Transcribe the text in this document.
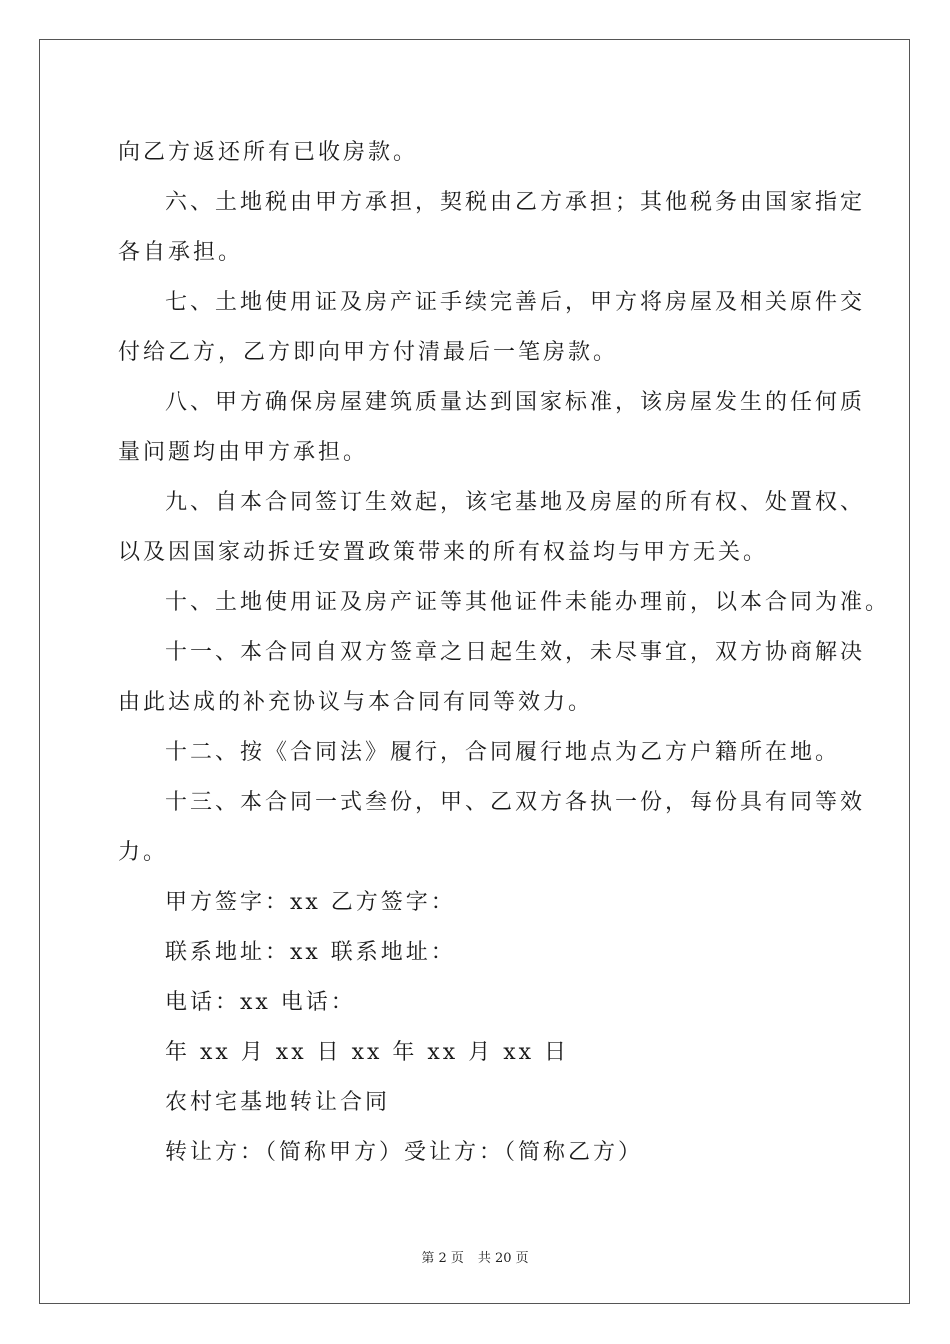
向乙方返还所有已收房款。

六、土地税由甲方承担，契税由乙方承担；其他税务由国家指定

各自承担。

七、土地使用证及房产证手续完善后，甲方将房屋及相关原件交

付给乙方，乙方即向甲方付清最后一笔房款。

八、甲方确保房屋建筑质量达到国家标准，该房屋发生的任何质

量问题均由甲方承担。

九、自本合同签订生效起，该宅基地及房屋的所有权、处置权、

以及因国家动拆迁安置政策带来的所有权益均与甲方无关。

十、土地使用证及房产证等其他证件未能办理前，以本合同为准。

十一、本合同自双方签章之日起生效，未尽事宜，双方协商解决

由此达成的补充协议与本合同有同等效力。

十二、按《合同法》履行，合同履行地点为乙方户籍所在地。

十三、本合同一式叁份，甲、乙双方各执一份，每份具有同等效

力。

甲方签字：xx 乙方签字：

联系地址：xx 联系地址：

电话：xx 电话：

年 xx 月 xx 日 xx 年 xx 月 xx 日

农村宅基地转让合同

转让方：（简称甲方）受让方：（简称乙方）

第 2 页 共 20 页
